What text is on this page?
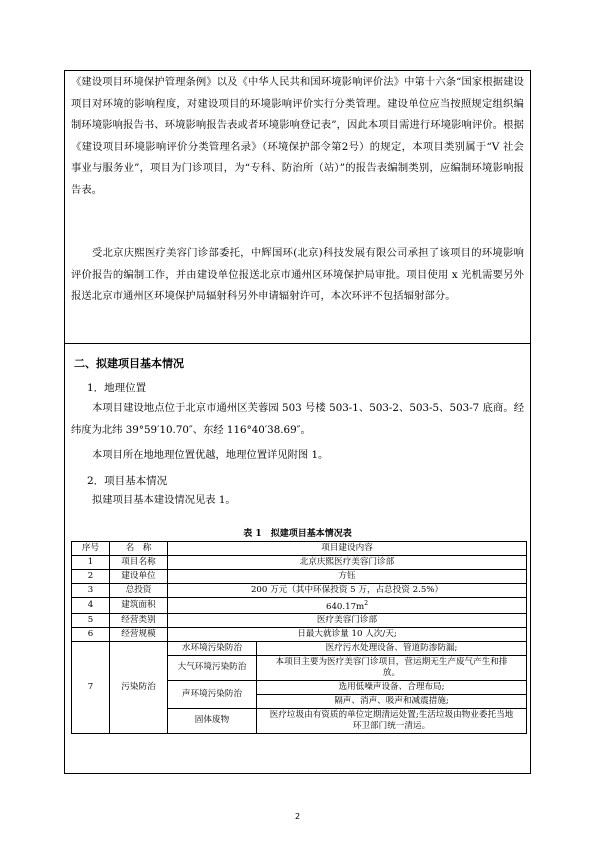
《建设项目环境保护管理条例》以及《中华人民共和国环境影响评价法》中第十六条“国家根据建设项目对环境的影响程度，对建设项目的环境影响评价实行分类管理。建设单位应当按照规定组织编制环境影响报告书、环境影响报告表或者环境影响登记表”，因此本项目需进行环境影响评价。根据《建设项目环境影响评价分类管理名录》（环境保护部令第2号）的规定，本项目类别属于“V 社会事业与服务业”，项目为门诊项目，为“专科、防治所（站）”的报告表编制类别，应编制环境影响报告表。
受北京庆熙医疗美容门诊部委托，中辉国环(北京)科技发展有限公司承担了该项目的环境影响评价报告的编制工作，并由建设单位报送北京市通州区环境保护局审批。项目使用 x 光机需要另外报送北京市通州区环境保护局辐射科另外申请辐射许可，本次环评不包括辐射部分。
二、拟建项目基本情况
1．地理位置
本项目建设地点位于北京市通州区芙蓉园 503 号楼 503-1、503-2、503-5、503-7 底商。经纬度为北纬 39°59′10.70″、东经 116°40′38.69″。
本项目所在地地理位置优越，地理位置详见附图 1。
2．项目基本情况
拟建项目基本建设情况见表 1。
表 1　拟建项目基本情况表
序号	名　称	项目建设内容	
1	项目名称	北京庆熙医疗美容门诊部	
2	建设单位	方钰	
3	总投资	200 万元（其中环保投资 5 万，占总投资 2.5%）	
4	建筑面积	$640.17m^2$
5	经营类别	医疗美容门诊部	
6	经营规模	日最大就诊量 10 人次/天;	
7	污染防治	水环境污染防治	医疗污水处理设备、管道防渗防漏;
		大气环境污染防治	本项目主要为医疗美容门诊项目，营运期无生产废气产生和排放。
		声环境污染防治	选用低噪声设备、合理布局;
			隔声、消声、吸声和减震措施;
		固体废物	医疗垃圾由有资质的单位定期清运处置;生活垃圾由物业委托当地环卫部门统一清运。
2
